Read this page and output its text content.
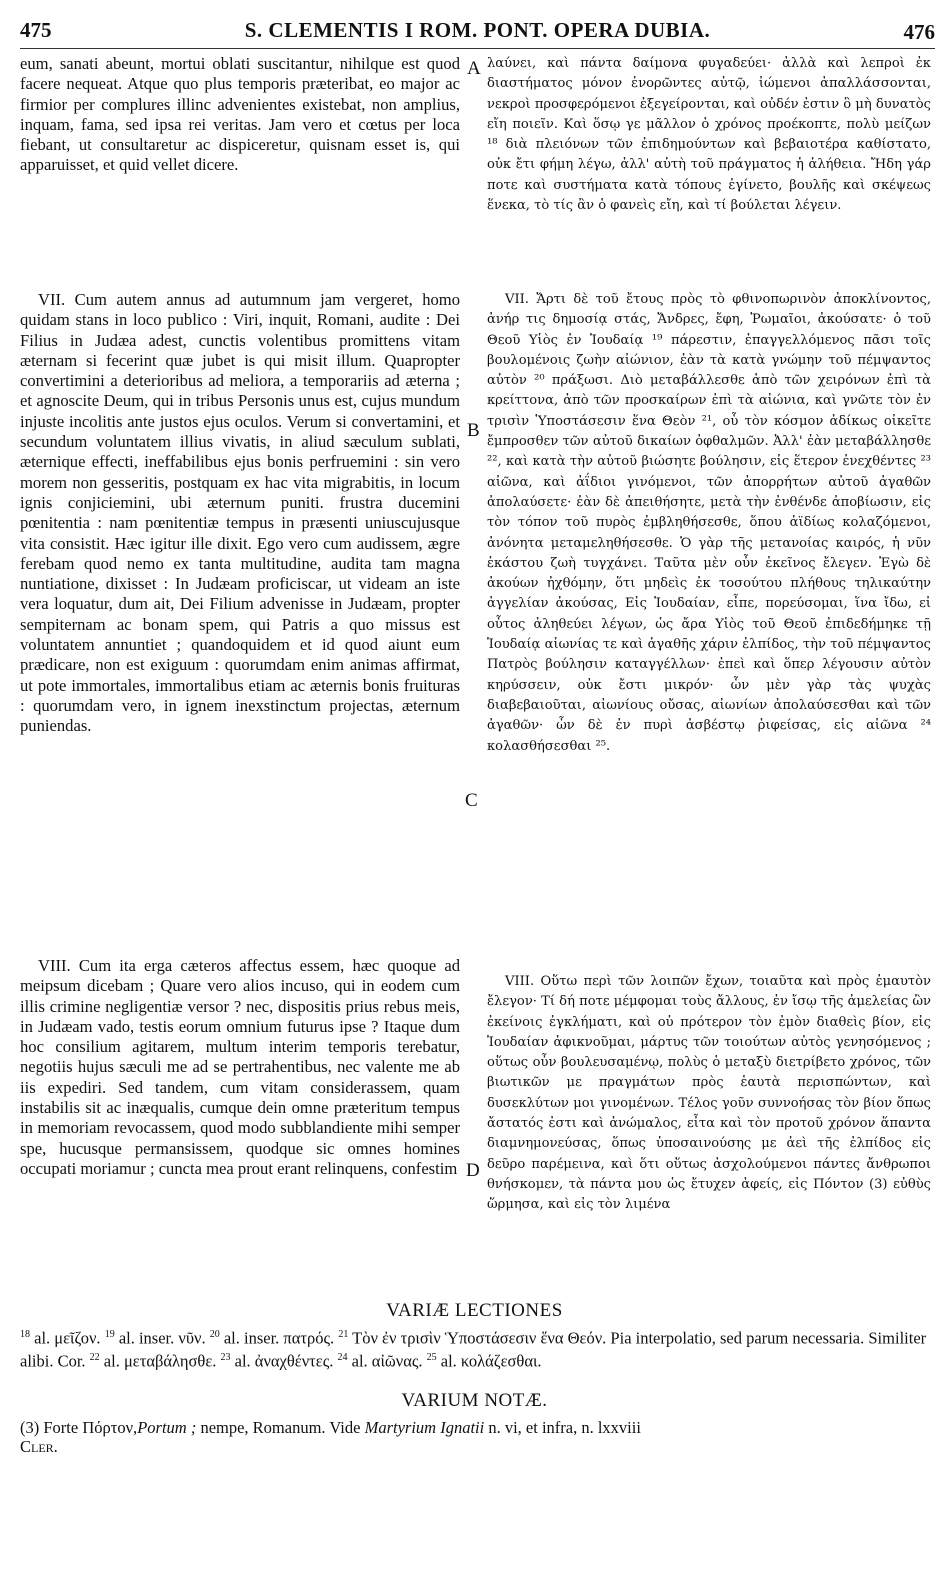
475	S. CLEMENTIS I ROM. PONT. OPERA DUBIA.	476

eum, sanati abeunt, mortui oblati suscitantur, nihilque est quod facere nequeat. Atque quo plus temporis præteribat, eo major ac firmior per complures illinc advenientes existebat, non amplius, inquam, fama, sed ipsa rei veritas. Jam vero et cœtus per loca fiebant, ut consultaretur ac dispiceretur, quisnam esset is, qui apparuisset, et quid vellet dicere.

VII. Cum autem annus ad autumnum jam vergeret, homo quidam stans in loco publico : Viri, inquit, Romani, audite : Dei Filius in Judæa adest, cunctis volentibus promittens vitam æternam si fecerint quæ jubet is qui misit illum. Quapropter convertimini a deterioribus ad meliora, a temporariis ad æterna ; et agnoscite Deum, qui in tribus Personis unus est, cujus mundum injuste incolitis ante justos ejus oculos. Verum si convertamini, et secundum voluntatem illius vivatis, in aliud sæculum sublati, æternique effecti, ineffabilibus ejus bonis perfruemini : sin vero morem non gesseritis, postquam ex hac vita migrabitis, in locum ignis conjiciemini, ubi æternum puniti. frustra ducemini pœnitentia : nam pœnitentiæ tempus in præsenti uniuscujusque vita consistit. Hæc igitur ille dixit. Ego vero cum audissem, ægre ferebam quod nemo ex tanta multitudine, audita tam magna nuntiatione, dixisset : In Judæam proficiscar, ut videam an iste vera loquatur, dum ait, Dei Filium advenisse in Judæam, propter sempiternam ac bonam spem, qui Patris a quo missus est voluntatem annuntiet ; quandoquidem et id quod aiunt eum prædicare, non est exiguum : quorumdam enim animas affirmat, ut pote immortales, immortalibus etiam ac æternis bonis fruituras : quorumdam vero, in ignem inexstinctum projectas, æternum puniendas.

VIII. Cum ita erga cæteros affectus essem, hæc quoque ad meipsum dicebam ; Quare vero alios incuso, qui in eodem cum illis crimine negligentiæ versor ? nec, dispositis prius rebus meis, in Judæam vado, testis eorum omnium futurus ipse ? Itaque dum hoc consilium agitarem, multum interim temporis terebatur, negotiis hujus sæculi me ad se pertrahentibus, nec valente me ab iis expediri. Sed tandem, cum vitam considerassem, quam instabilis sit ac inæqualis, cumque dein omne præteritum tempus in memoriam revocassem, quod modo subblandiente mihi semper spe, hucusque permansissem, quodque sic omnes homines occupati moriamur ; cuncta mea prout erant relinquens, confestim

A
B
C
D

λαύνει, καὶ πάντα δαίμονα φυγαδεύει· ἀλλὰ καὶ λεπροὶ ἐκ διαστήματος μόνον ἐνορῶντες αὐτῷ, ἰώμενοι ἀπαλλάσσονται, νεκροὶ προσφερόμενοι ἐξεγείρονται, καὶ οὐδέν ἐστιν ὃ μὴ δυνατὸς εἴη ποιεῖν. Καὶ ὅσῳ γε μᾶλλον ὁ χρόνος προέκοπτε, πολὺ μείζων ¹⁸ διὰ πλειόνων τῶν ἐπιδημούντων καὶ βεβαιοτέρα καθίστατο, οὐκ ἔτι φήμη λέγω, ἀλλ' αὐτὴ τοῦ πράγματος ἡ ἀλήθεια. Ἤδη γάρ ποτε καὶ συστήματα κατὰ τόπους ἐγίνετο, βουλῆς καὶ σκέψεως ἕνεκα, τὸ τίς ἂν ὁ φανεὶς εἴη, καὶ τί βούλεται λέγειν.

VII. Ἄρτι δὲ τοῦ ἔτους πρὸς τὸ φθινοπωρινὸν ἀποκλίνοντος, ἀνήρ τις δημοσίᾳ στάς, Ἄνδρες, ἔφη, Ῥωμαῖοι, ἀκούσατε· ὁ τοῦ Θεοῦ Υἱὸς ἐν Ἰουδαίᾳ ¹⁹ πάρεστιν, ἐπαγγελλόμενος πᾶσι τοῖς βουλομένοις ζωὴν αἰώνιον, ἐὰν τὰ κατὰ γνώμην τοῦ πέμψαντος αὐτὸν ²⁰ πράξωσι. Διὸ μεταβάλλεσθε ἀπὸ τῶν χειρόνων ἐπὶ τὰ κρείττονα, ἀπὸ τῶν προσκαίρων ἐπὶ τὰ αἰώνια, καὶ γνῶτε τὸν ἐν τρισὶν Ὑποστάσεσιν ἕνα Θεὸν ²¹, οὗ τὸν κόσμον ἀδίκως οἰκεῖτε ἔμπροσθεν τῶν αὐτοῦ δικαίων ὀφθαλμῶν. Ἀλλ' ἐὰν μεταβάλλησθε ²², καὶ κατὰ τὴν αὐτοῦ βιώσητε βούλησιν, εἰς ἕτερον ἐνεχθέντες ²³ αἰῶνα, καὶ ἀΐδιοι γινόμενοι, τῶν ἀπορρήτων αὐτοῦ ἀγαθῶν ἀπολαύσετε· ἐὰν δὲ ἀπειθήσητε, μετὰ τὴν ἐνθένδε ἀποβίωσιν, εἰς τὸν τόπον τοῦ πυρὸς ἐμβληθήσεσθε, ὅπου ἀϊδίως κολαζόμενοι, ἀνόνητα μεταμεληθήσεσθε. Ὁ γὰρ τῆς μετανοίας καιρός, ἡ νῦν ἑκάστου ζωὴ τυγχάνει. Ταῦτα μὲν οὖν ἐκεῖνος ἔλεγεν. Ἐγὼ δὲ ἀκούων ἠχθόμην, ὅτι μηδεὶς ἐκ τοσούτου πλήθους τηλικαύτην ἀγγελίαν ἀκούσας, Εἰς Ἰουδαίαν, εἶπε, πορεύσομαι, ἵνα ἴδω, εἰ οὗτος ἀληθεύει λέγων, ὡς ἄρα Υἱὸς τοῦ Θεοῦ ἐπιδεδήμηκε τῇ Ἰουδαίᾳ αἰωνίας τε καὶ ἀγαθῆς χάριν ἐλπίδος, τὴν τοῦ πέμψαντος Πατρὸς βούλησιν καταγγέλλων· ἐπεὶ καὶ ὅπερ λέγουσιν αὐτὸν κηρύσσειν, οὐκ ἔστι μικρόν· ὧν μὲν γὰρ τὰς ψυχὰς διαβεβαιοῦται, αἰωνίους οὔσας, αἰωνίων ἀπολαύσεσθαι καὶ τῶν ἀγαθῶν· ὧν δὲ ἐν πυρὶ ἀσβέστῳ ῥιφείσας, εἰς αἰῶνα ²⁴ κολασθήσεσθαι ²⁵.

VIII. Οὕτω περὶ τῶν λοιπῶν ἔχων, τοιαῦτα καὶ πρὸς ἐμαυτὸν ἔλεγον· Τί δή ποτε μέμφομαι τοὺς ἄλλους, ἐν ἴσῳ τῆς ἀμελείας ὢν ἐκείνοις ἐγκλήματι, καὶ οὐ πρότερον τὸν ἐμὸν διαθεὶς βίον, εἰς Ἰουδαίαν ἀφικνοῦμαι, μάρτυς τῶν τοιούτων αὐτὸς γενησόμενος ; οὕτως οὖν βουλευσαμένῳ, πολὺς ὁ μεταξὺ διετρίβετο χρόνος, τῶν βιωτικῶν με πραγμάτων πρὸς ἑαυτὰ περισπώντων, καὶ δυσεκλύτων μοι γινομένων. Τέλος γοῦν συννοήσας τὸν βίον ὅπως ἄστατός ἐστι καὶ ἀνώμαλος, εἶτα καὶ τὸν προτοῦ χρόνον ἅπαντα διαμνημονεύσας, ὅπως ὑποσαινούσης με ἀεὶ τῆς ἐλπίδος εἰς δεῦρο παρέμεινα, καὶ ὅτι οὕτως ἀσχολούμενοι πάντες ἄνθρωποι θνήσκομεν, τὰ πάντα μου ὡς ἔτυχεν ἀφείς, εἰς Πόντον (3) εὐθὺς ὥρμησα, καὶ εἰς τὸν λιμένα

VARIÆ LECTIONES
$^{18}$ al. μεῖζον. $^{19}$ al. inser. νῦν. $^{20}$ al. inser. πατρός. $^{21}$ Τὸν ἐν τρισὶν Ὑποστάσεσιν ἕνα Θεόν. Pia interpolatio, sed parum necessaria. Similiter alibi. Cor. $^{22}$ al. μεταβάλησθε. $^{23}$ al. ἀναχθέντες. $^{24}$ al. αἰῶνας. $^{25}$ al. κολάζεσθαι.
VARIUM NOTÆ.
(3) Forte Πόρτον,Portum ; nempe, Romanum. Vide Martyrium Ignatii n. vi, et infra, n. lxxviii
Cler.
